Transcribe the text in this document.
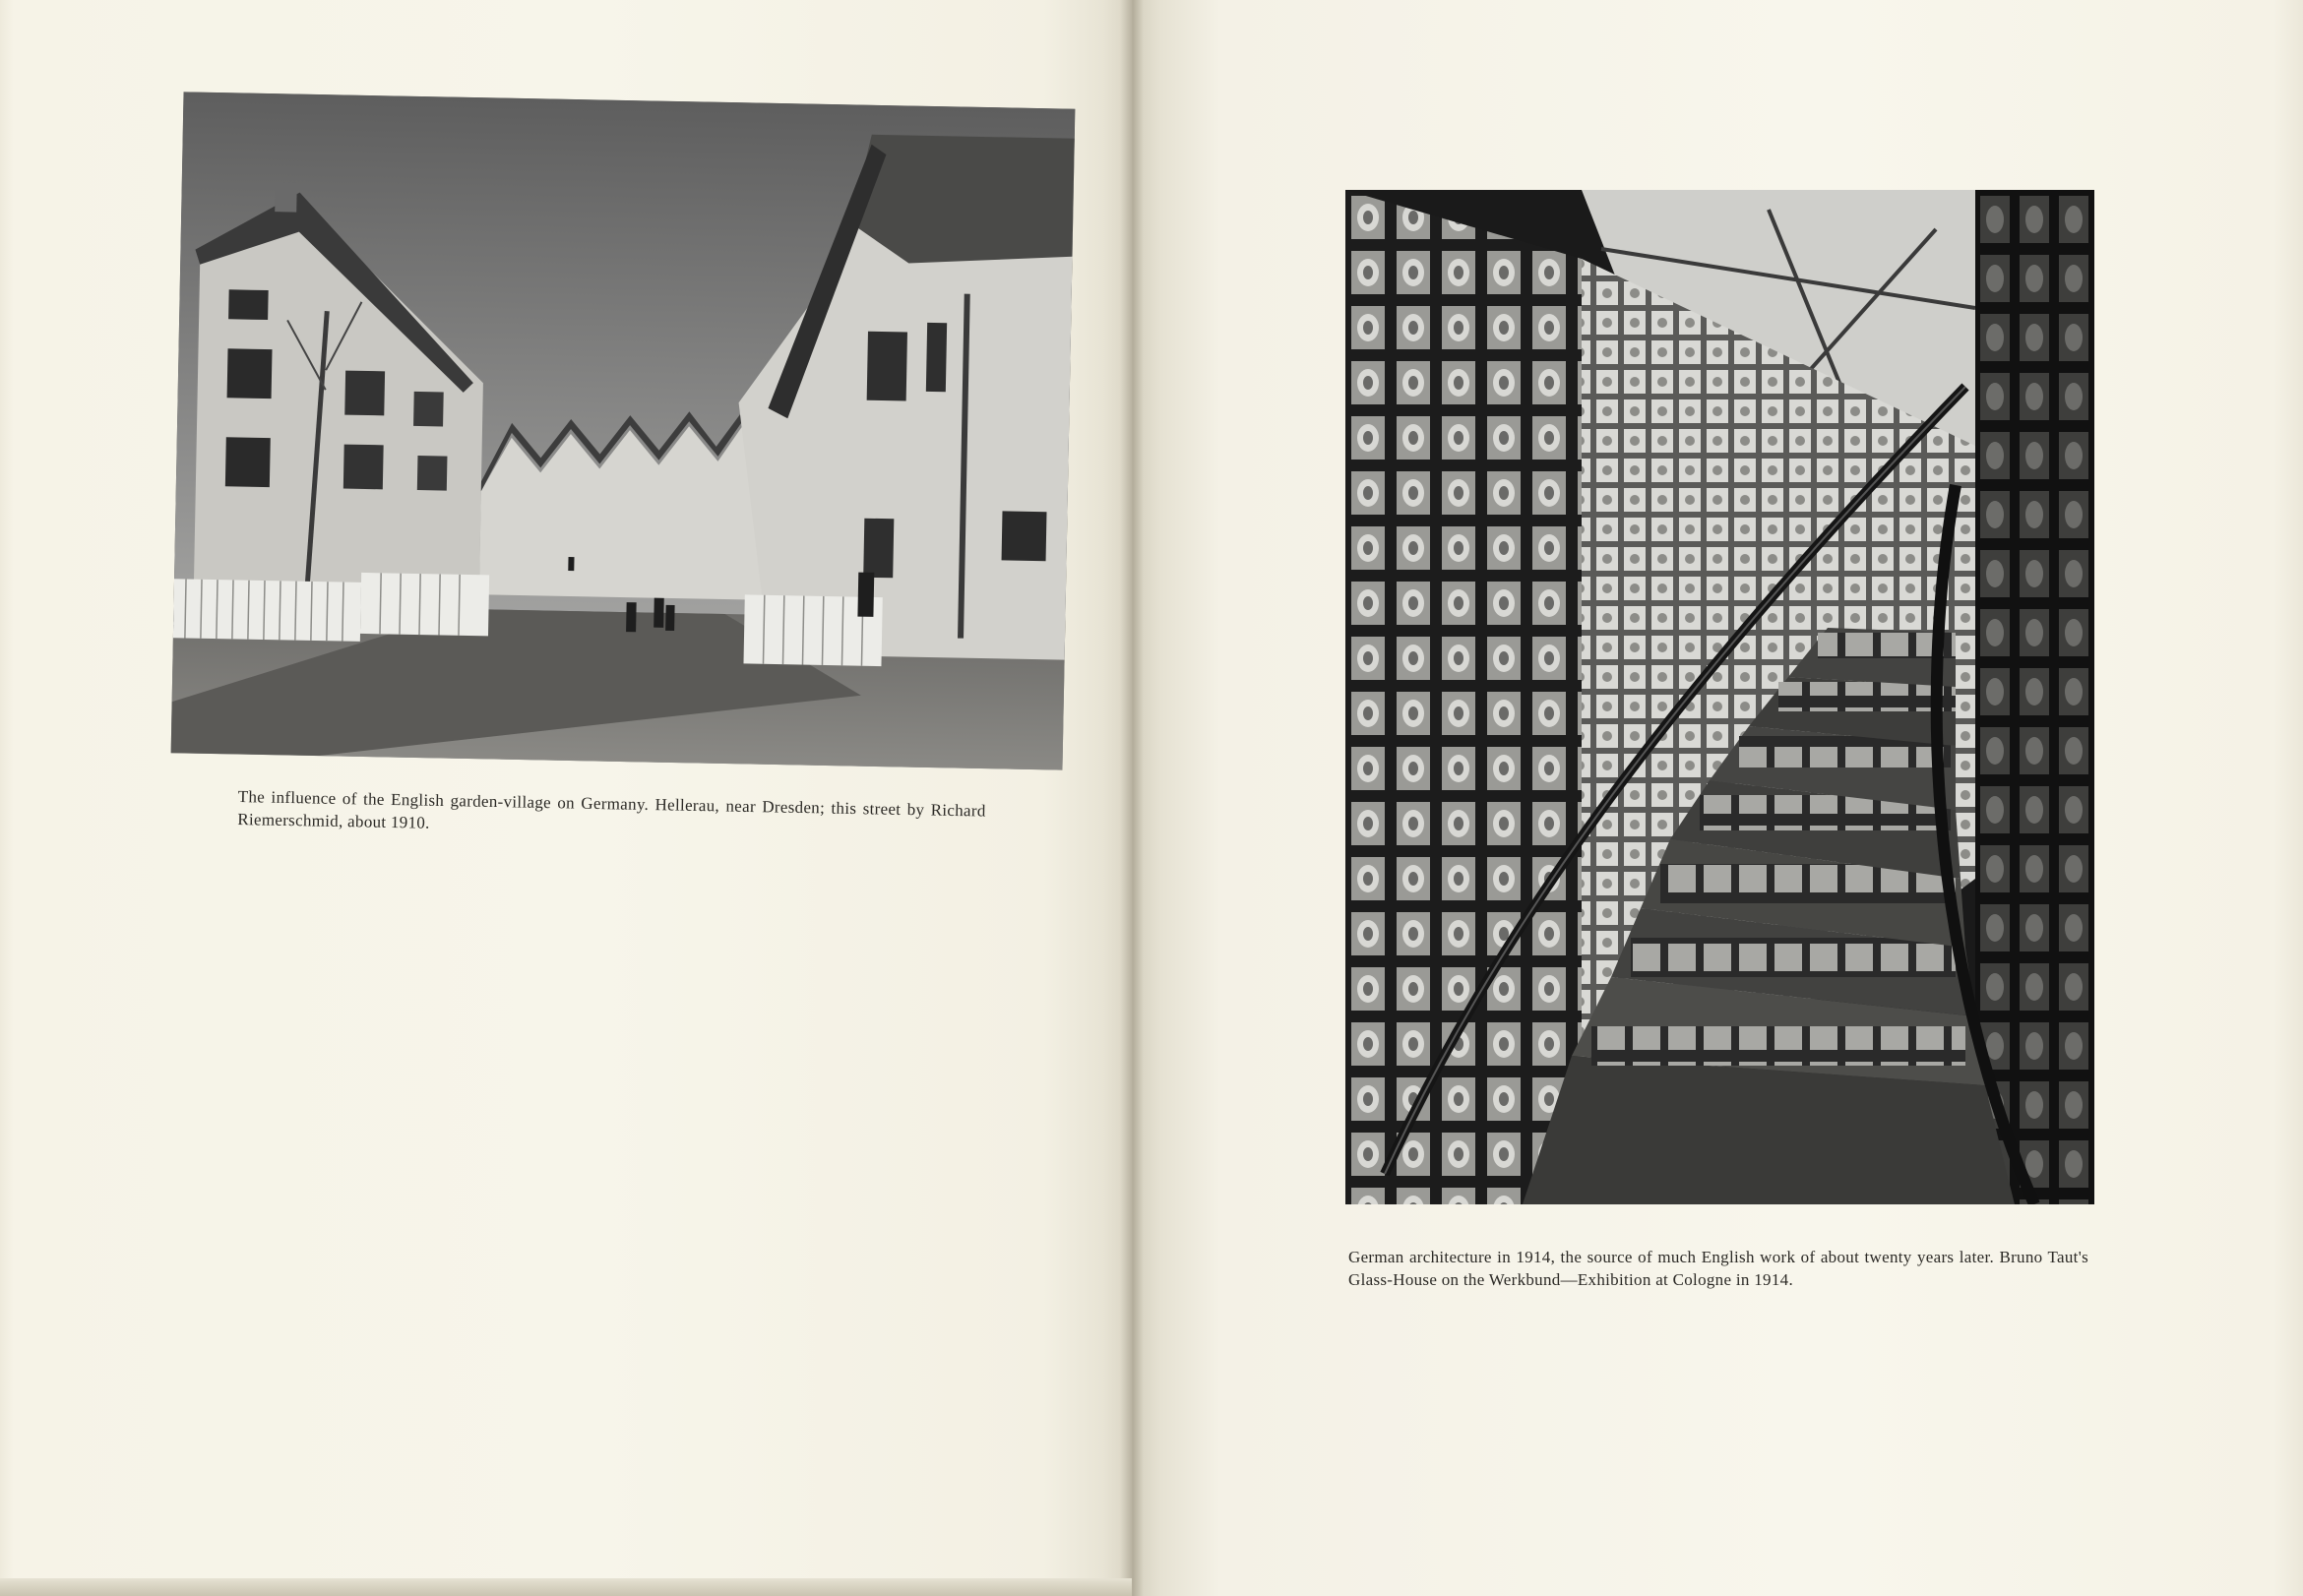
The influence of the English garden-village on Germany. Hellerau, near Dresden; this street by Richard Riemerschmid, about 1910.

German architecture in 1914, the source of much English work of about twenty years later. Bruno Taut's Glass-House on the Werkbund—Exhibition at Cologne in 1914.
